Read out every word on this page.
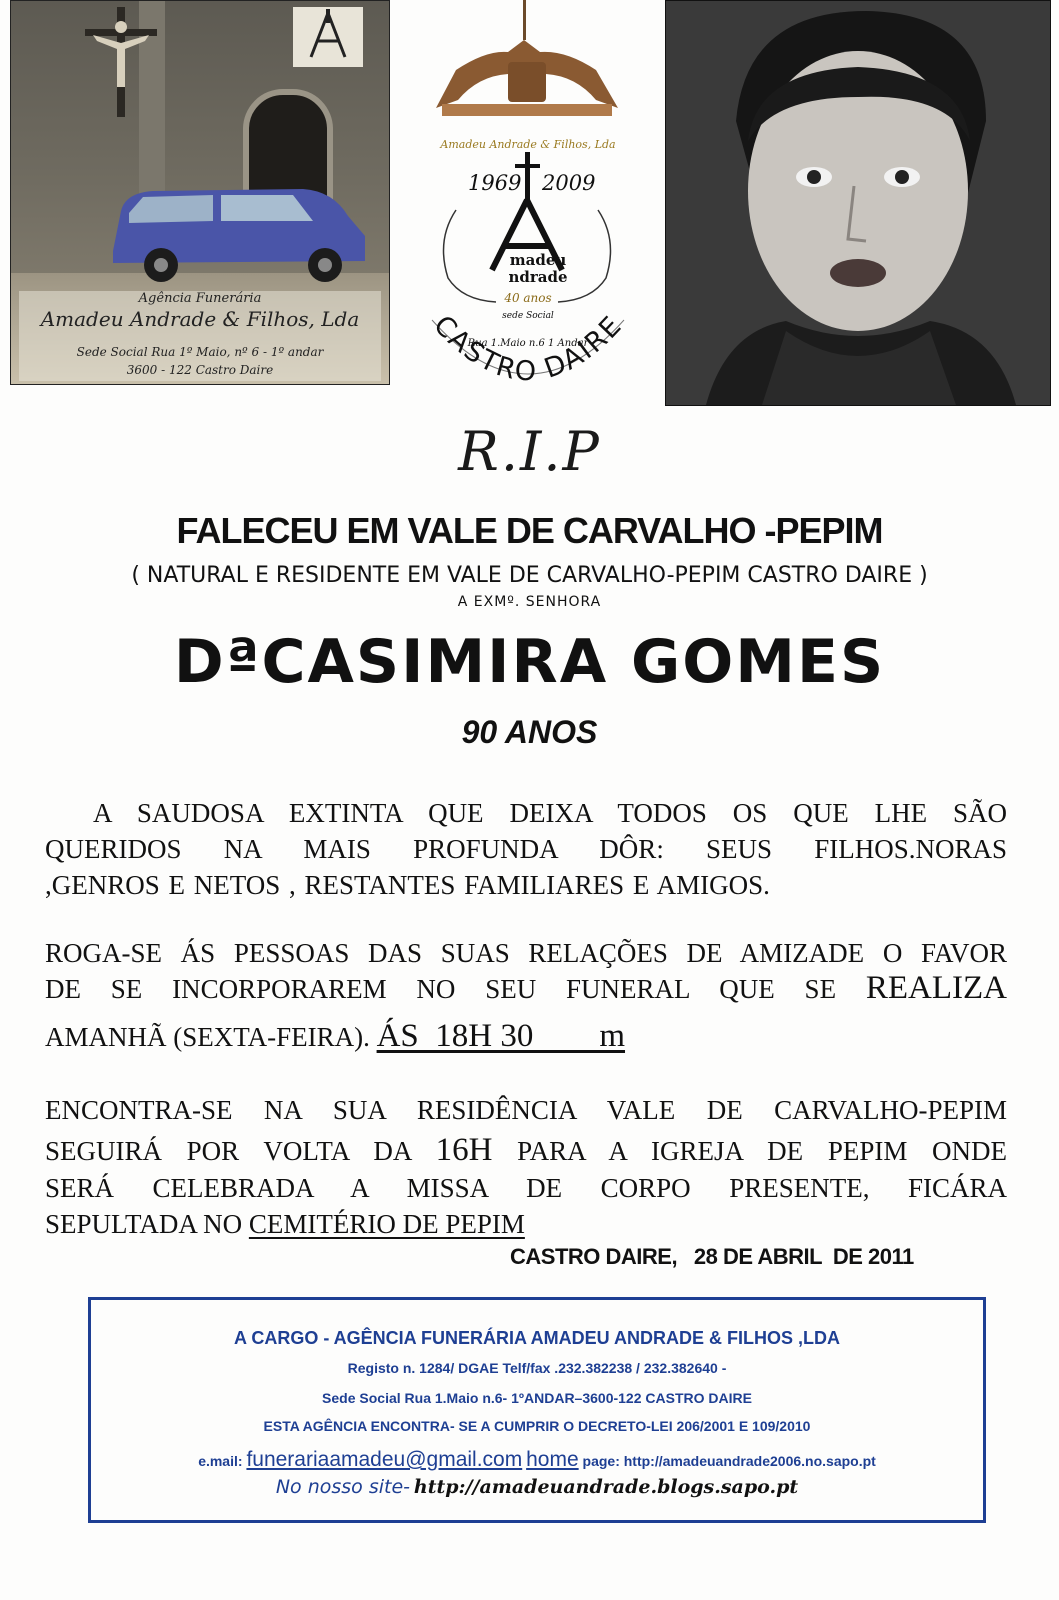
Agência Funerária
Amadeu Andrade & Filhos, Lda
Sede Social Rua 1º Maio, nº 6 - 1º andar
3600 - 122 Castro Daire
Amadeu Andrade & Filhos, Lda
1969 2009
madeu
ndrade
40 anos
sede Social
Rua 1.Maio n.6 1 Andar
CASTRO DAIRE
R.I.P
FALECEU EM VALE DE CARVALHO -PEPIM
( NATURAL E RESIDENTE EM VALE DE CARVALHO-PEPIM CASTRO DAIRE )
A EXMº. SENHORA
DªCASIMIRA GOMES
90 ANOS
A SAUDOSA EXTINTA QUE DEIXA TODOS OS QUE LHE SÃO
QUERIDOS NA MAIS PROFUNDA DÔR: SEUS FILHOS.NORAS
,GENROS E NETOS , RESTANTES FAMILIARES E AMIGOS.
ROGA-SE ÁS PESSOAS DAS SUAS RELAÇÕES DE AMIZADE O FAVOR
DE SE INCORPORAREM NO SEU FUNERAL QUE SE REALIZA
AMANHÃ (SEXTA-FEIRA). ÁS  18H 30        m
ENCONTRA-SE NA SUA RESIDÊNCIA VALE DE CARVALHO-PEPIM
SEGUIRÁ POR VOLTA DA 16H PARA A IGREJA DE PEPIM ONDE
SERÁ CELEBRADA A MISSA DE CORPO PRESENTE, FICÁRA
SEPULTADA NO CEMITÉRIO DE PEPIM
CASTRO DAIRE,   28 DE ABRIL  DE 2011
A CARGO - AGÊNCIA FUNERÁRIA AMADEU ANDRADE & FILHOS ,LDA
Registo n. 1284/ DGAE Telf/fax .232.382238 / 232.382640 -
Sede Social Rua 1.Maio n.6- 1ºANDAR–3600-122 CASTRO DAIRE
ESTA AGÊNCIA ENCONTRA- SE A CUMPRIR O DECRETO-LEI 206/2001 E 109/2010
e.mail: funerariaamadeu@gmail.com home page: http://amadeuandrade2006.no.sapo.pt
No nosso site- http://amadeuandrade.blogs.sapo.pt
